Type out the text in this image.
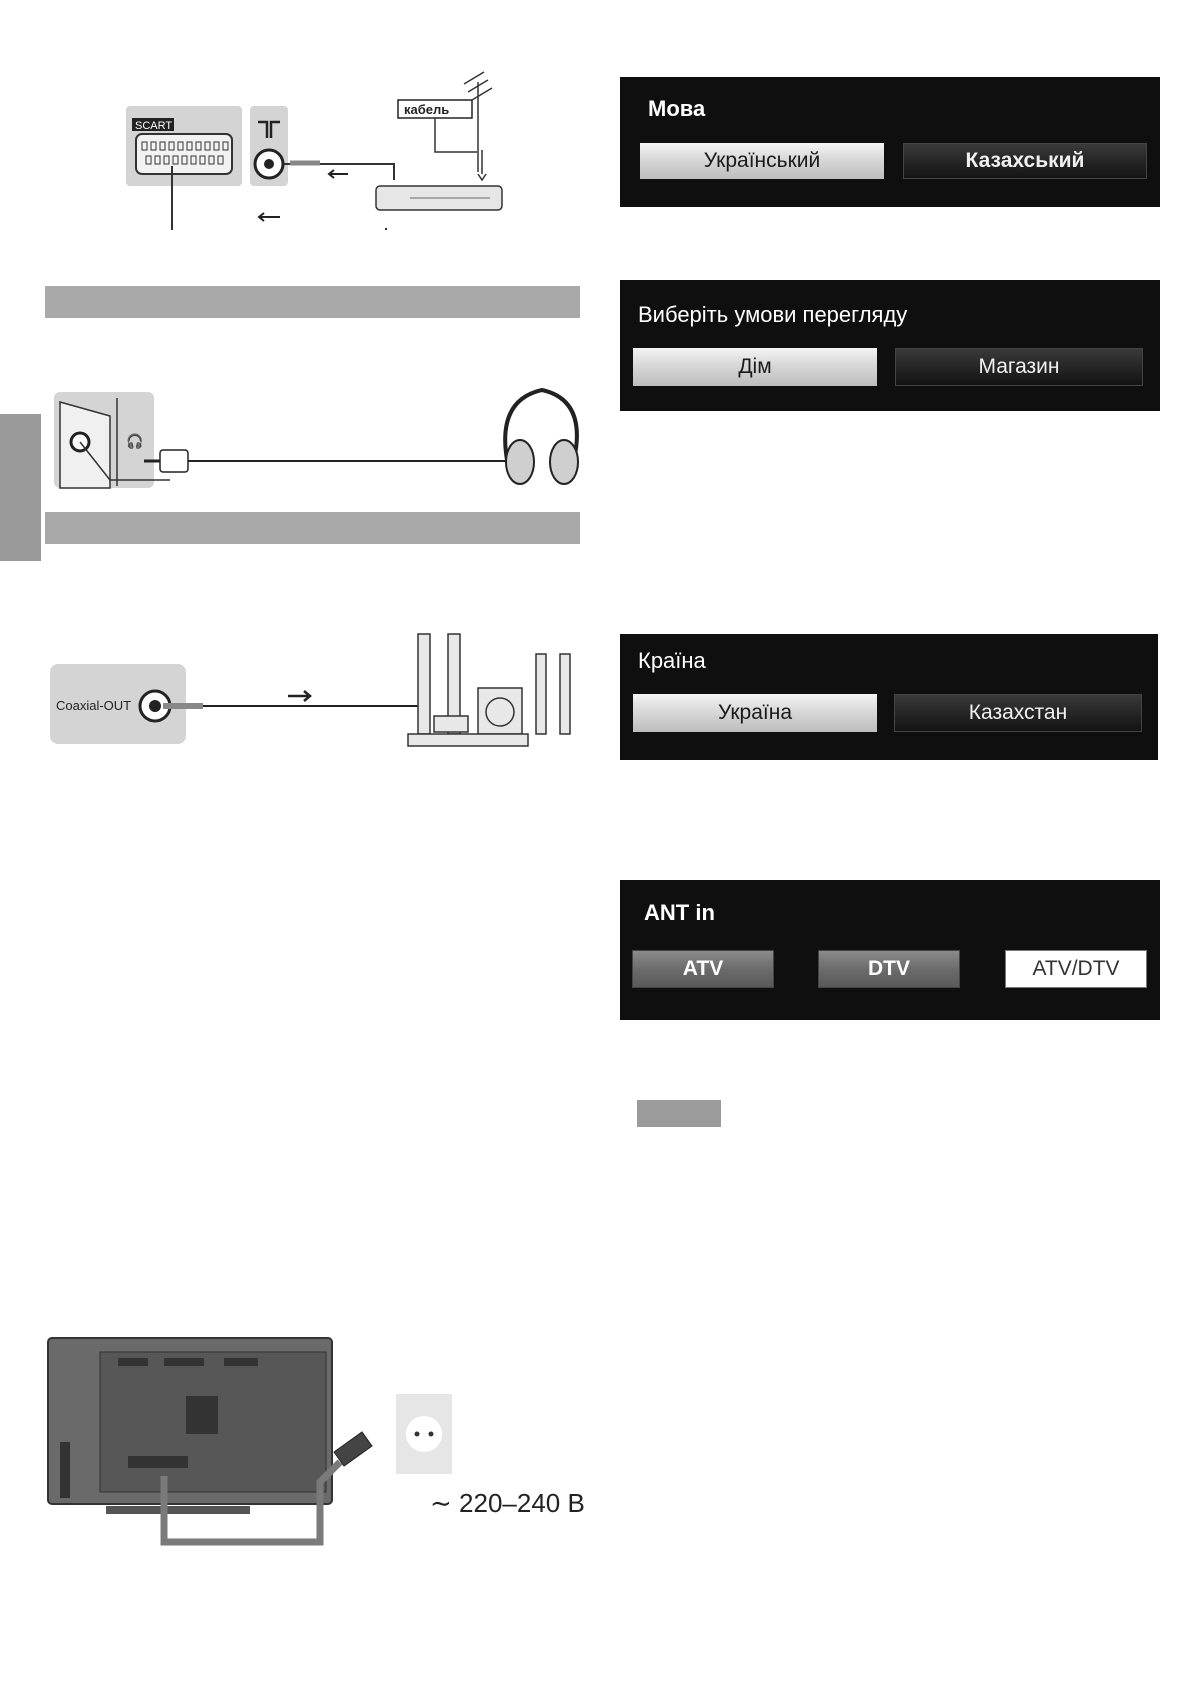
SCART
кабель
🎧
Coaxial-OUT
∼ 220–240 В
Мова
Український	Казахський
Виберіть умови перегляду
Дім	Магазин
Країна
Україна	Казахстан
ANT in
ATV	DTV	ATV/DTV
